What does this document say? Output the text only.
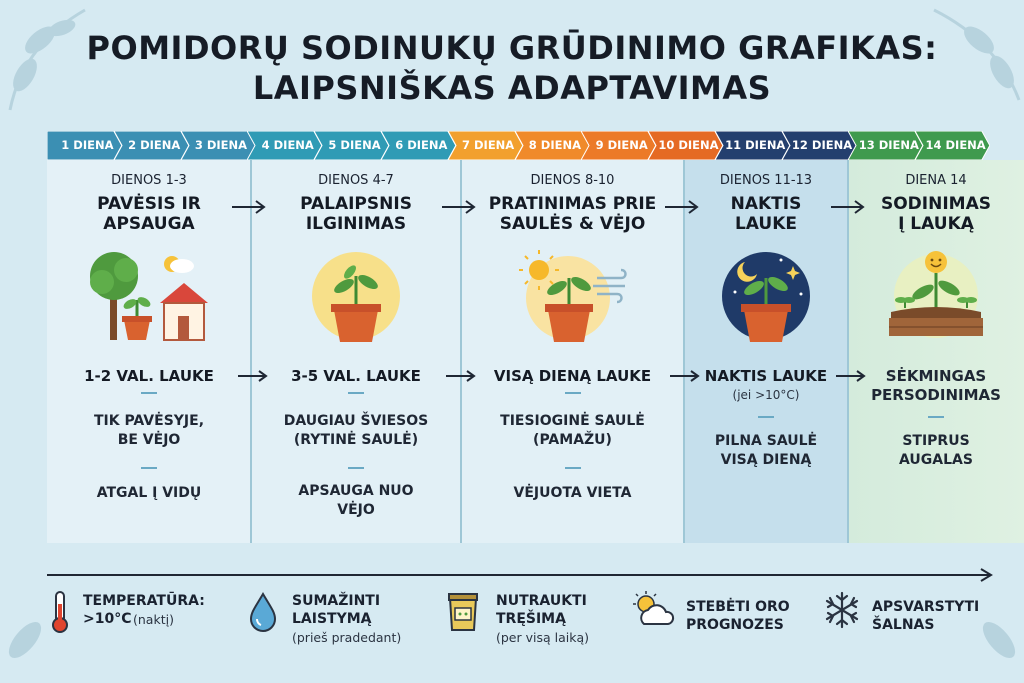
POMIDORŲ SODINUKŲ GRŪDINIMO GRAFIKAS:
LAIPSNIŠKAS ADAPTAVIMAS
1 DIENA	2 DIENA	3 DIENA	4 DIENA	5 DIENA	6 DIENA	7 DIENA	8 DIENA	9 DIENA 10 DIENA 11 DIENA 12 DIENA 13 DIENA 14 DIENA
DIENOS 1-3
PAVĖSIS IR
APSAUGA
1-2 VAL. LAUKE
TIK PAVĖSYJE,
BE VĖJO
ATGAL Į VIDŲ
DIENOS 4-7
PALAIPSNIS
ILGINIMAS
3-5 VAL. LAUKE
DAUGIAU ŠVIESOS
(RYTINĖ SAULĖ)
APSAUGA NUO
VĖJO
DIENOS 8-10
PRATINIMAS PRIE
SAULĖS & VĖJO
VISĄ DIENĄ LAUKE
TIESIOGINĖ SAULĖ
(PAMAŽU)
VĖJUOTA VIETA
DIENOS 11-13
NAKTIS
LAUKE
NAKTIS LAUKE
(jei >10°C)
PILNA SAULĖ
VISĄ DIENĄ
DIENA 14
SODINIMAS
Į LAUKĄ
SĖKMINGAS
PERSODINIMAS
STIPRUS
AUGALAS
TEMPERATŪRA:
>10°C (naktį)
SUMAŽINTI
LAISTYMĄ
(prieš pradedant)
NUTRAUKTI
TRĘŠIMĄ
(per visą laiką)
STEBĖTI ORO
PROGNOZES
APSVARSTYTI
ŠALNAS
